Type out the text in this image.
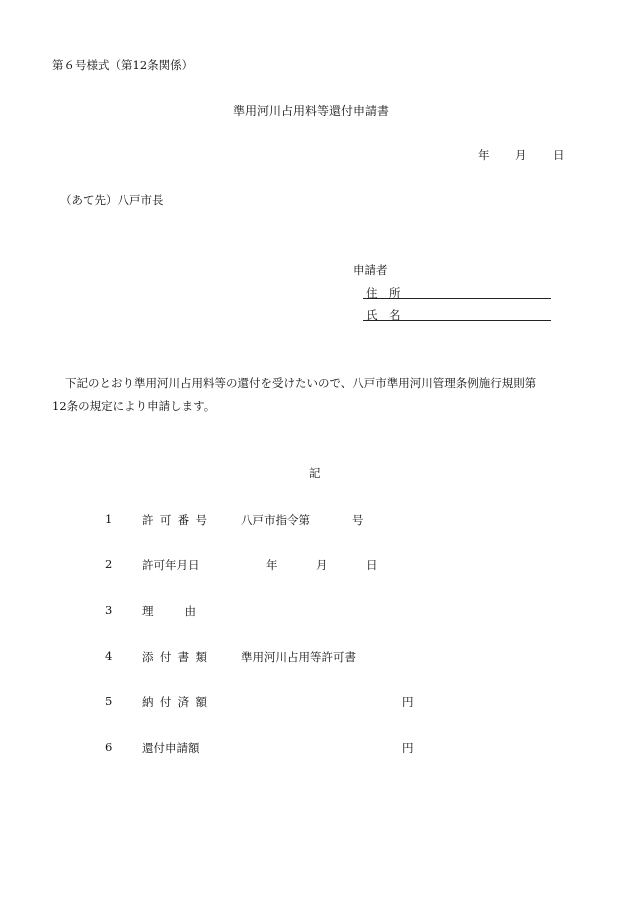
第６号様式（第12条関係）
準用河川占用料等還付申請書
年 月 日
（あて先）八戸市長
申請者
住　所
氏　名
下記のとおり準用河川占用料等の還付を受けたいので、八戸市準用河川管理条例施行規則第
12条の規定により申請します。
記
1	許可番号 八戸市指令第	号
2	許可年月日	年	月	日
3	理由
4	添付書類 準用河川占用等許可書
5	納付済額	円
6	還付申請額	円
